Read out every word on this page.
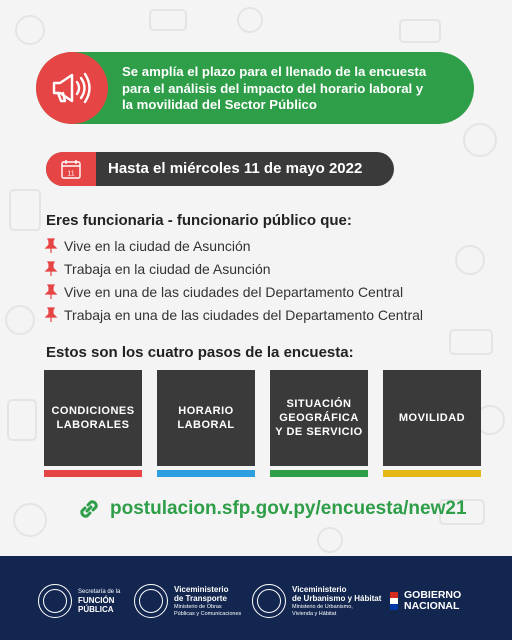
Se amplía el plazo para el llenado de la encuesta
para el análisis del impacto del horario laboral y
la movilidad del Sector Público
11 Hasta el miércoles 11 de mayo 2022
Eres funcionaria - funcionario público que:
Vive en la ciudad de Asunción
Trabaja en la ciudad de Asunción
Vive en una de las ciudades del Departamento Central
Trabaja en una de las ciudades del Departamento Central
Estos son los cuatro pasos de la encuesta:
CONDICIONES LABORALES
HORARIO LABORAL
SITUACIÓN GEOGRÁFICA Y DE SERVICIO
MOVILIDAD
postulacion.sfp.gov.py/encuesta/new21
Secretaría de la
FUNCIÓN
PÚBLICA
Viceministerio
de Transporte
Ministerio de Obras
Públicas y Comunicaciones
Viceministerio
de Urbanismo y Hábitat
Ministerio de Urbanismo,
Vivienda y Hábitat
GOBIERNO
NACIONAL
